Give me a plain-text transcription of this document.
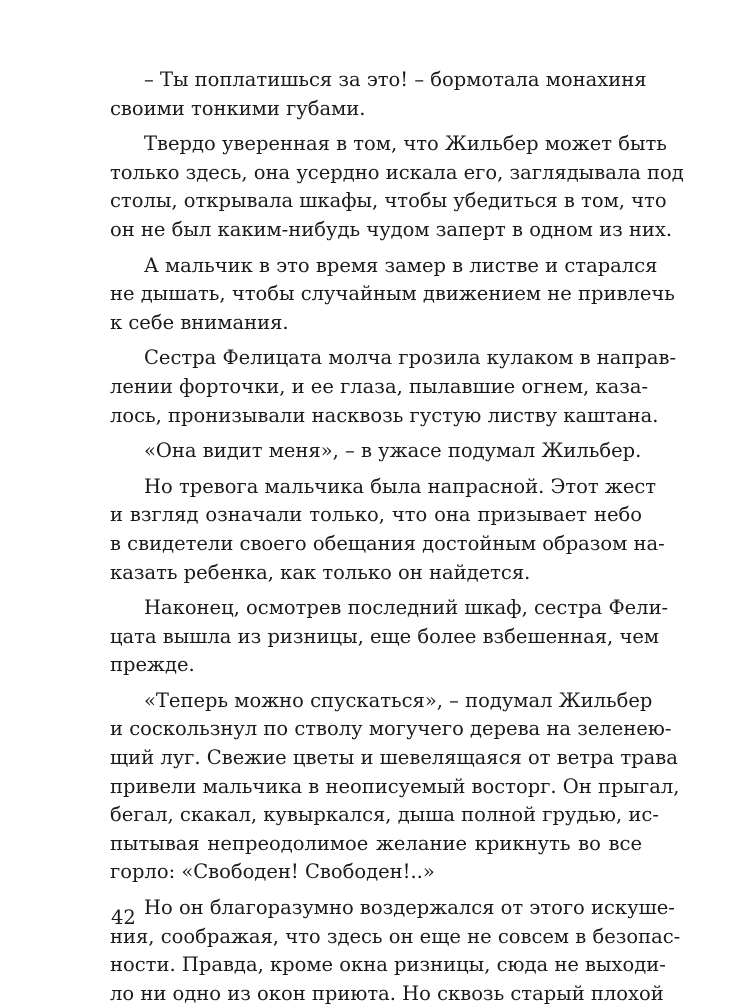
– Ты поплатишься за это! – бормотала монахиня
своими тонкими губами.
Твердо уверенная в том, что Жильбер может быть
только здесь, она усердно искала его, заглядывала под
столы, открывала шкафы, чтобы убедиться в том, что
он не был каким-нибудь чудом заперт в одном из них.
А мальчик в это время замер в листве и старался
не дышать, чтобы случайным движением не привлечь
к себе внимания.
Сестра Фелицата молча грозила кулаком в направ-
лении форточки, и ее глаза, пылавшие огнем, каза-
лось, пронизывали насквозь густую листву каштана.
«Она видит меня», – в ужасе подумал Жильбер.
Но тревога мальчика была напрасной. Этот жест
и взгляд означали только, что она призывает небо
в свидетели своего обещания достойным образом на-
казать ребенка, как только он найдется.
Наконец, осмотрев последний шкаф, сестра Фели-
цата вышла из ризницы, еще более взбешенная, чем
прежде.
«Теперь можно спускаться», – подумал Жильбер
и соскользнул по стволу могучего дерева на зеленею-
щий луг. Свежие цветы и шевелящаяся от ветра трава
привели мальчика в неописуемый восторг. Он прыгал,
бегал, скакал, кувыркался, дыша полной грудью, ис-
пытывая непреодолимое желание крикнуть во все
горло: «Свободен! Свободен!..»
Но он благоразумно воздержался от этого искуше-
ния, соображая, что здесь он еще не совсем в безопас-
ности. Правда, кроме окна ризницы, сюда не выходи-
ло ни одно из окон приюта. Но сквозь старый плохой
42
